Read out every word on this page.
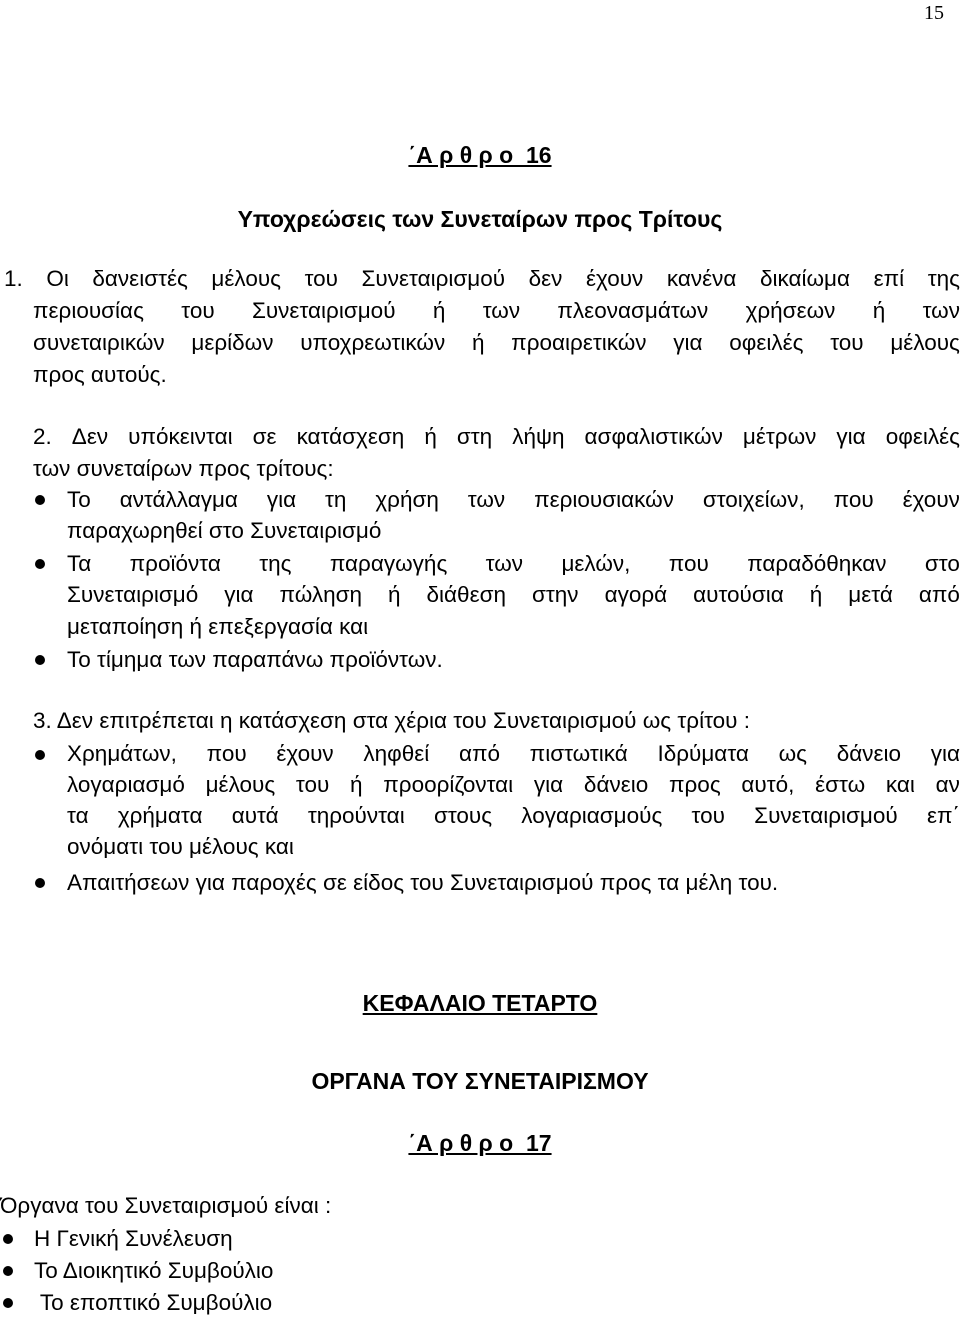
15
΄Α ρ θ ρ ο  16
Υποχρεώσεις των Συνεταίρων προς Τρίτους
1. Οι δανειστές μέλους του Συνεταιρισμού δεν έχουν κανένα δικαίωμα επί της
περιουσίας του Συνεταιρισμού ή των πλεονασμάτων χρήσεων ή των
συνεταιρικών μερίδων υποχρεωτικών ή προαιρετικών για οφειλές του μέλους
προς αυτούς.
2. Δεν υπόκεινται σε κατάσχεση ή στη λήψη ασφαλιστικών μέτρων για οφειλές
των συνεταίρων προς τρίτους:
Το αντάλλαγμα για τη χρήση των περιουσιακών στοιχείων, που έχουν
παραχωρηθεί στο Συνεταιρισμό
Τα προϊόντα της παραγωγής των μελών, που παραδόθηκαν στο
Συνεταιρισμό για πώληση ή διάθεση στην αγορά αυτούσια ή μετά από
μεταποίηση ή επεξεργασία και
Το τίμημα των παραπάνω προϊόντων.
3. Δεν επιτρέπεται η κατάσχεση στα χέρια του Συνεταιρισμού ως τρίτου :
Χρημάτων, που έχουν ληφθεί από πιστωτικά Ιδρύματα ως δάνειο για
λογαριασμό μέλους του ή προορίζονται για δάνειο προς αυτό, έστω και αν
τα χρήματα αυτά τηρούνται στους λογαριασμούς του Συνεταιρισμού επ΄
ονόματι του μέλους και
Απαιτήσεων για παροχές σε είδος του Συνεταιρισμού προς τα μέλη του.
ΚΕΦΑΛΑΙΟ ΤΕΤΑΡΤΟ
ΟΡΓΑΝΑ ΤΟΥ ΣΥΝΕΤΑΙΡΙΣΜΟΥ
΄Α ρ θ ρ ο  17
Όργανα του Συνεταιρισμού είναι :
Η Γενική Συνέλευση
Το Διοικητικό Συμβούλιο
Το εποπτικό Συμβούλιο
